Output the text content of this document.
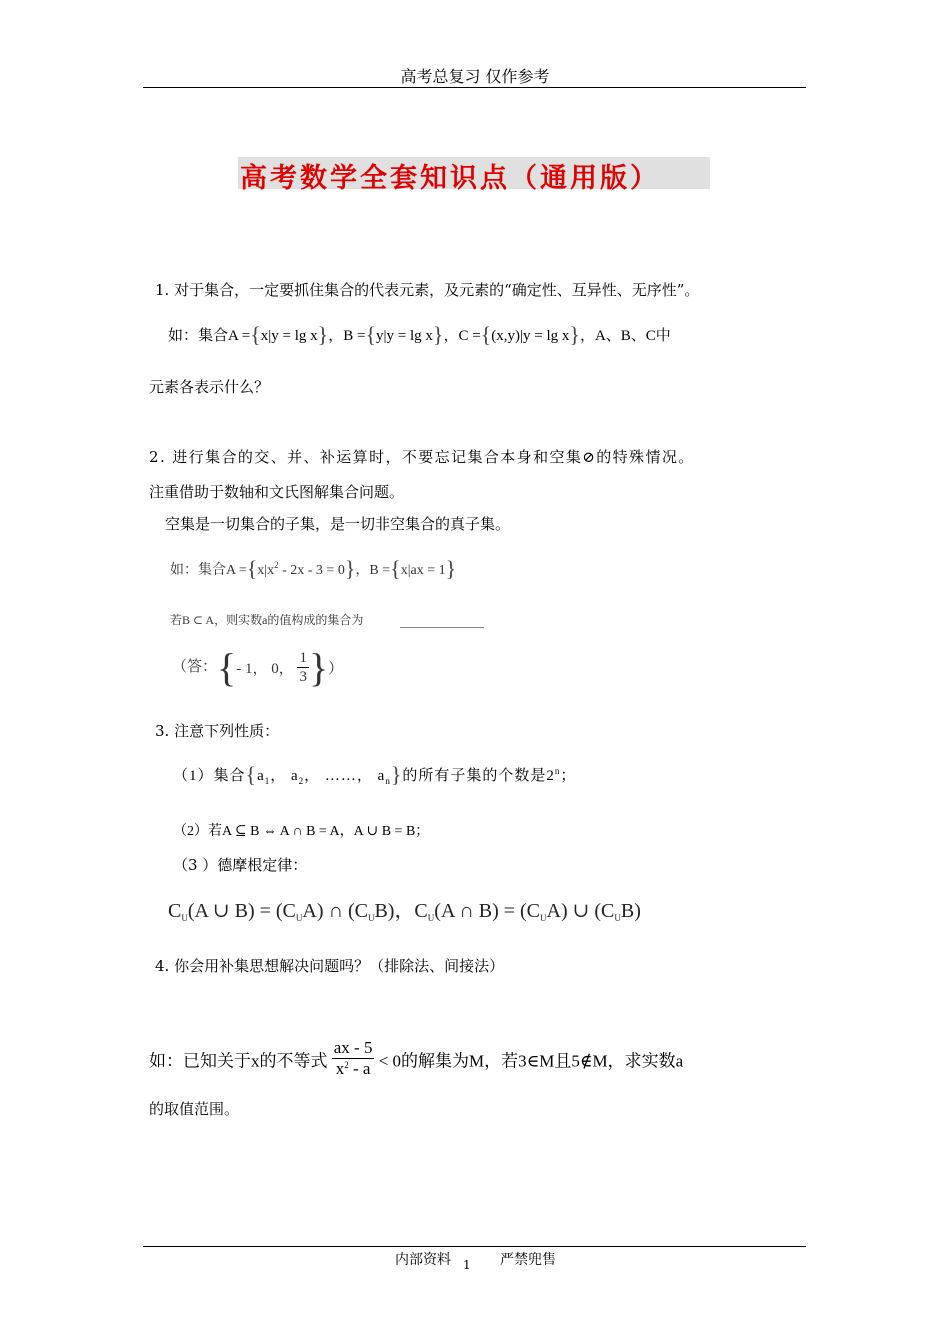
高考总复习 仅作参考
高考数学全套知识点（通用版）
1. 对于集合，一定要抓住集合的代表元素，及元素的“确定性、互异性、无序性”。
如：集合A ={x|y = lg x}，B ={y|y = lg x}，C ={(x,y)|y = lg x}，A、B、C中
元素各表示什么？
2. 进行集合的交、并、补运算时，不要忘记集合本身和空集⊘的特殊情况。
注重借助于数轴和文氏图解集合问题。
空集是一切集合的子集，是一切非空集合的真子集。
如：集合$A =\{x|x^2 - 2x - 3 = 0\}$，B ={x|ax = 1}
若B ⊂ A，则实数a的值构成的集合为
（答：{- 1， 0， $\frac{1}{3}$ }）
3. 注意下列性质：
（1）集合{$a_1$， $a_2$， ……， $a_n$}的所有子集的个数是2$^n$；
（2）若A ⊆ B ⇔ A ∩ B = A，A ∪ B = B；
（3 ）德摩根定律：
$C_U(A$ ∪ $B) = (C_UA)$ ∩ $(C_UB)$，$C_U(A$ ∩ $B) = (C_UA)$ ∪ $(C_UB)$
4. 你会用补集思想解决问题吗？（排除法、间接法）
如：已知关于x的不等式 $\frac{ax - 5}{x^2 - a} < 0$的解集为M，若3∈M且5∉M，求实数a
的取值范围。
内部资料	严禁兜售
1
